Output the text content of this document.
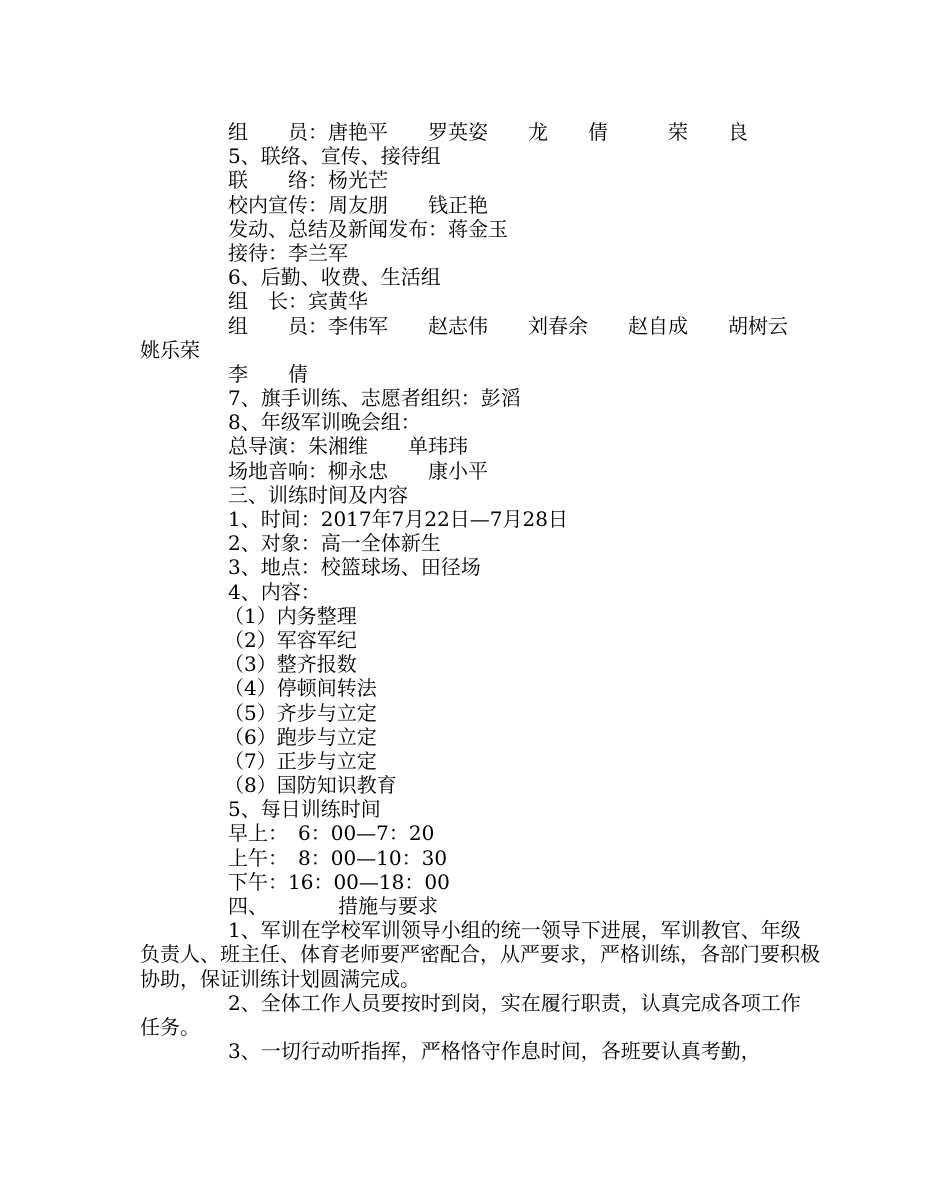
组　　员：唐艳平　　罗英姿　　龙　　倩　　　荣　　良
5、联络、宣传、接待组
联　　络：杨光芒
校内宣传：周友朋　　钱正艳
发动、总结及新闻发布：蒋金玉
接待：李兰军
6、后勤、收费、生活组
组　长：宾黄华
组　　员：李伟军　　赵志伟　　刘春余　　赵自成　　胡树云
姚乐荣
李　　倩
7、旗手训练、志愿者组织：彭滔
8、年级军训晚会组：
总导演：朱湘维　　单玮玮
场地音响：柳永忠　　康小平
三、训练时间及内容
1、时间：2017年7月22日—7月28日
2、对象：高一全体新生
3、地点：校篮球场、田径场
4、内容：
（1）内务整理
（2）军容军纪
（3）整齐报数
（4）停顿间转法
（5）齐步与立定
（6）跑步与立定
（7）正步与立定
（8）国防知识教育
5、每日训练时间
早上：　6：00—7：20
上午：　8：00—10：30
下午：16：00—18：00
四、　　　　措施与要求
1、军训在学校军训领导小组的统一领导下进展，军训教官、年级负责人、班主任、体育老师要严密配合，从严要求，严格训练，各部门要积极协助，保证训练计划圆满完成。
2、全体工作人员要按时到岗，实在履行职责，认真完成各项工作任务。
3、一切行动听指挥，严格恪守作息时间，各班要认真考勤，
